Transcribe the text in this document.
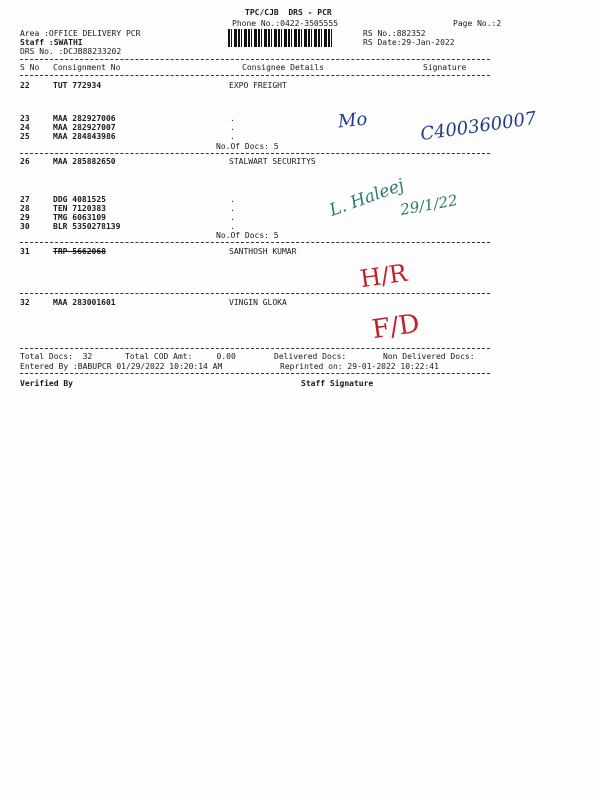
TPC/CJB  DRS - PCR
Phone No.:0422-3505555	Page No.:2
Area :OFFICE DELIVERY PCR
Staff :SWATHI
DRS No. :DCJB88233202
RS No.:882352
RS Date:29-Jan-2022
S No Consignment No	Consignee Details	Signature
22	TUT 772934	EXPO FREIGHT
23	MAA 282927006	.
24	MAA 282927007	.
25	MAA 284843986	.
No.Of Docs: 5
26	MAA 285882650	STALWART SECURITYS
27	DDG 4081525	.
28	TEN 7120383	.
29	TMG 6063109	.
30	BLR 5350278139	.
No.Of Docs: 5
31	TRP 5662068	SANTHOSH KUMAR
32	MAA 283001601	VINGIN GLOKA
Total Docs:  32	Total COD Amt:     0.00	Delivered Docs:	Non Delivered Docs:
Entered By :BABUPCR 01/29/2022 10:20:14 AM	Reprinted on: 29-01-2022 10:22:41
Verified By	Staff Signature
Mo	C400360007
L. Haleej
29/1/22
H/R
F/D
